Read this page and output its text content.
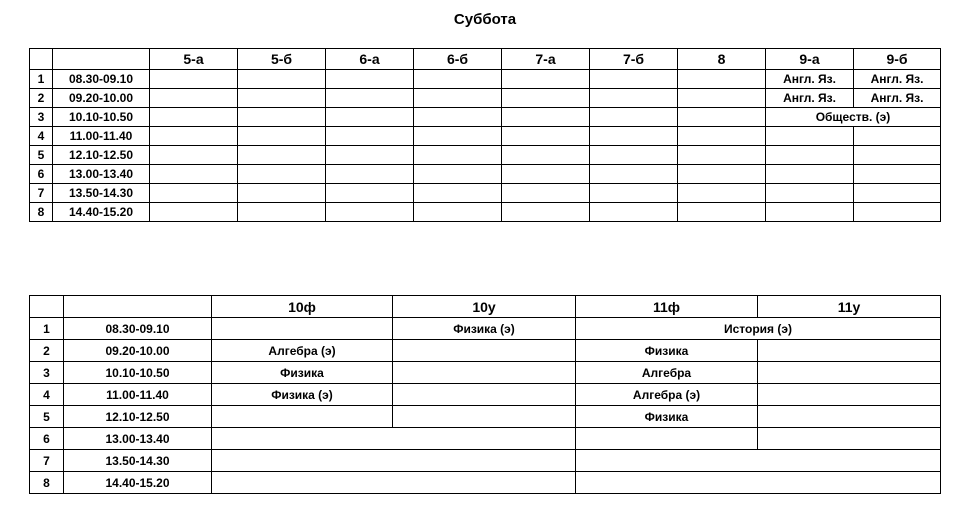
Суббота
		5-а	5-б	6-а	6-б	7-а	7-б	8	9-а	9-б
1	08.30-09.10								Англ. Яз.	Англ. Яз.
2	09.20-10.00								Англ. Яз.	Англ. Яз.
3	10.10-10.50								Обществ. (э)	
4	11.00-11.40									
5	12.10-12.50									
6	13.00-13.40									
7	13.50-14.30									
8	14.40-15.20									
		10ф	10у	11ф	11у
1	08.30-09.10		Физика (э)	История (э)	
2	09.20-10.00	Алгебра (э)		Физика	
3	10.10-10.50	Физика		Алгебра	
4	11.00-11.40	Физика (э)		Алгебра (э)	
5	12.10-12.50			Физика	
6	13.00-13.40				
7	13.50-14.30				
8	14.40-15.20				
